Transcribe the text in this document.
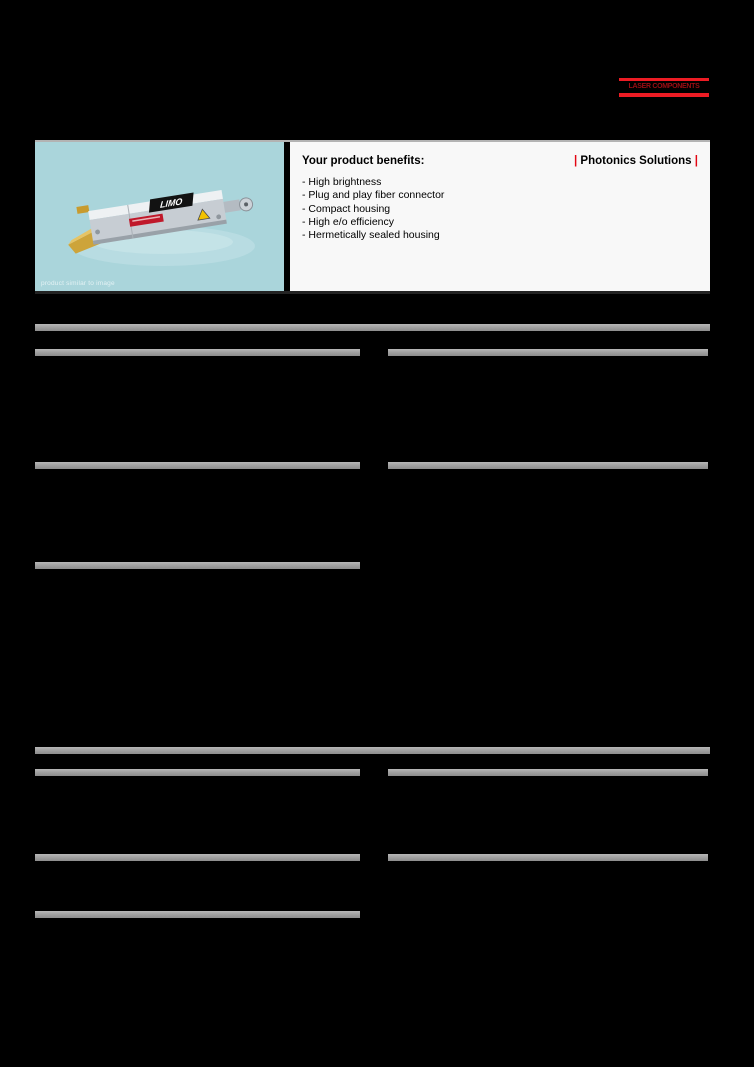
LASER COMPONENTS
LIMO
product similar to image
Your product benefits:	| Photonics Solutions |
- High brightness
- Plug and play fiber connector
- Compact housing
- High e/o efficiency
- Hermetically sealed housing
